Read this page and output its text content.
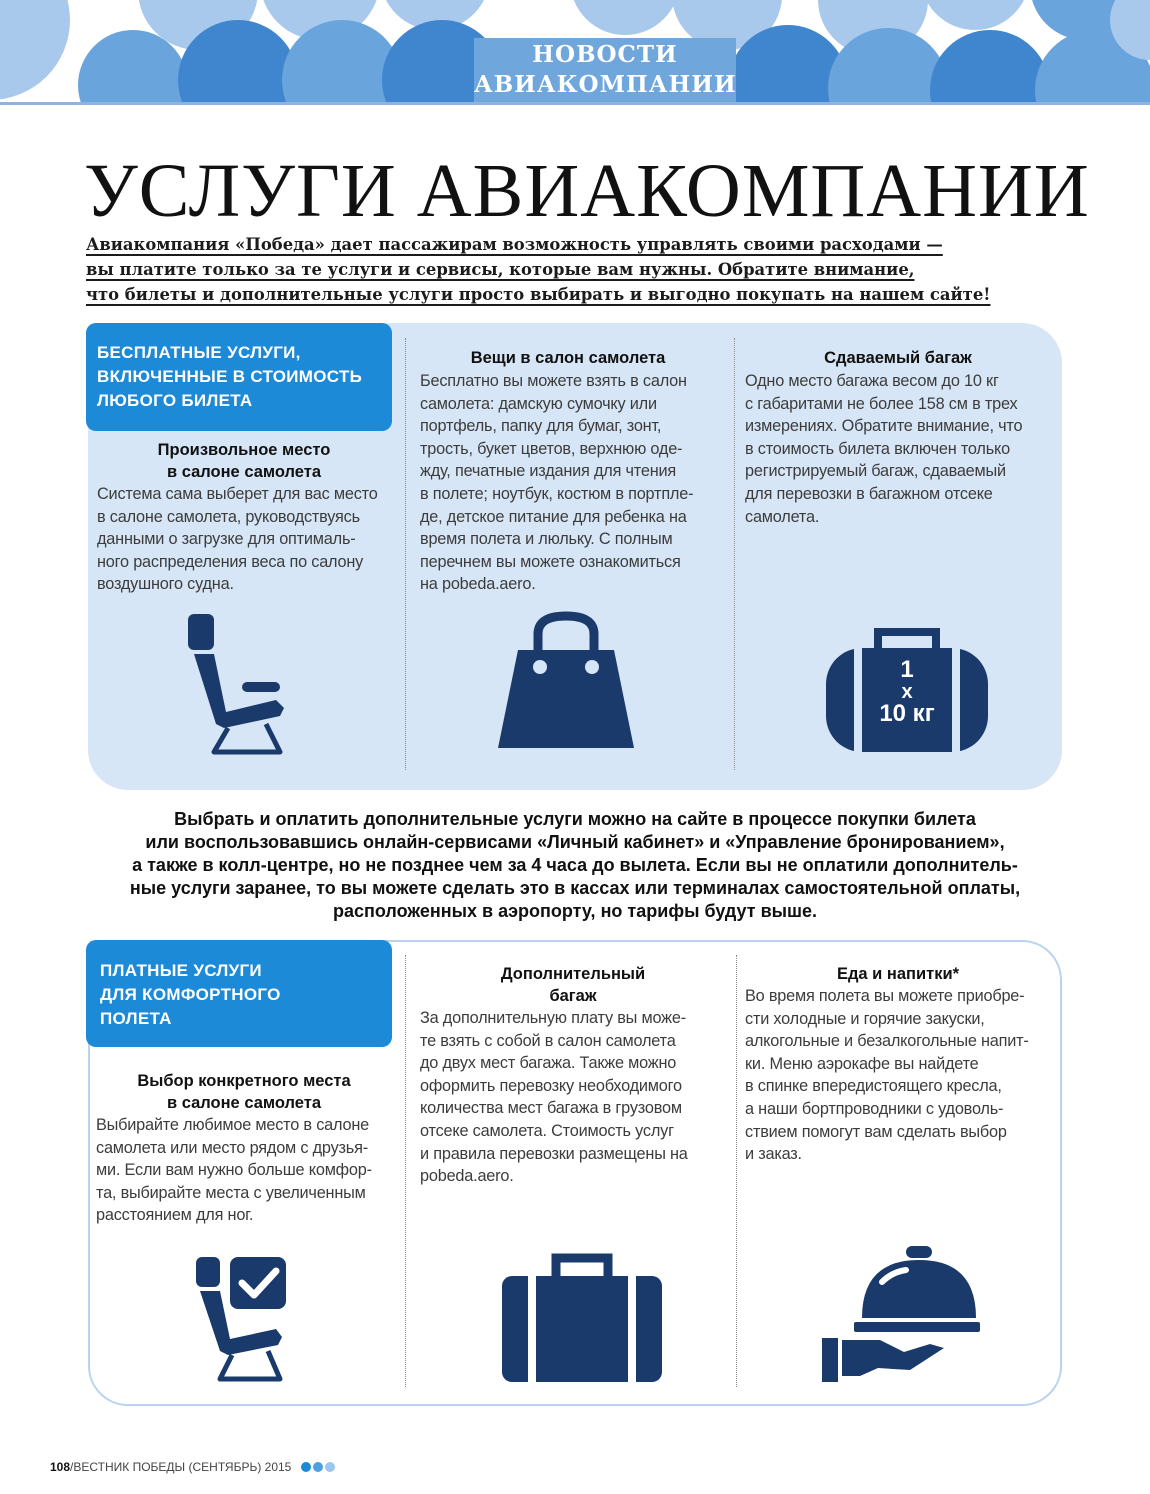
НОВОСТИ
АВИАКОМПАНИИ
УСЛУГИ АВИАКОМПАНИИ
Авиакомпания «Победа» дает пассажирам возможность управлять своими расходами —
вы платите только за те услуги и сервисы, которые вам нужны. Обратите внимание,
что билеты и дополнительные услуги просто выбирать и выгодно покупать на нашем сайте!
БЕСПЛАТНЫЕ УСЛУГИ,
ВКЛЮЧЕННЫЕ В СТОИМОСТЬ
ЛЮБОГО БИЛЕТА
Произвольное место
в салоне самолета
Система сама выберет для вас место
в салоне самолета, руководствуясь
данными о загрузке для оптималь-
ного распределения веса по салону
воздушного судна.
Вещи в салон самолета
Бесплатно вы можете взять в салон
самолета: дамскую сумочку или
портфель, папку для бумаг, зонт,
трость, букет цветов, верхнюю оде-
жду, печатные издания для чтения
в полете; ноутбук, костюм в портпле-
де, детское питание для ребенка на
время полета и люльку. С полным
перечнем вы можете ознакомиться
на pobeda.aero.
Сдаваемый багаж
Одно место багажа весом до 10 кг
с габаритами не более 158 см в трех
измерениях. Обратите внимание, что
в стоимость билета включен только
регистрируемый багаж, сдаваемый
для перевозки в багажном отсеке
самолета.
1
x
10 кг
Выбрать и оплатить дополнительные услуги можно на сайте в процессе покупки билета
или воспользовавшись онлайн-сервисами «Личный кабинет» и «Управление бронированием»,
а также в колл-центре, но не позднее чем за 4 часа до вылета. Если вы не оплатили дополнитель-
ные услуги заранее, то вы можете сделать это в кассах или терминалах самостоятельной оплаты,
расположенных в аэропорту, но тарифы будут выше.
ПЛАТНЫЕ УСЛУГИ
ДЛЯ КОМФОРТНОГО
ПОЛЕТА
Выбор конкретного места
в салоне самолета
Выбирайте любимое место в салоне
самолета или место рядом с друзья-
ми. Если вам нужно больше комфор-
та, выбирайте места с увеличенным
расстоянием для ног.
Дополнительный
багаж
За дополнительную плату вы може-
те взять с собой в салон самолета
до двух мест багажа. Также можно
оформить перевозку необходимого
количества мест багажа в грузовом
отсеке самолета. Стоимость услуг
и правила перевозки размещены на
pobeda.aero.
Еда и напитки*
Во время полета вы можете приобре-
сти холодные и горячие закуски,
алкогольные и безалкогольные напит-
ки. Меню аэрокафе вы найдете
в спинке впередистоящего кресла,
а наши бортпроводники с удоволь-
ствием помогут вам сделать выбор
и заказ.
108/ВЕСТНИК ПОБЕДЫ (СЕНТЯБРЬ) 2015
